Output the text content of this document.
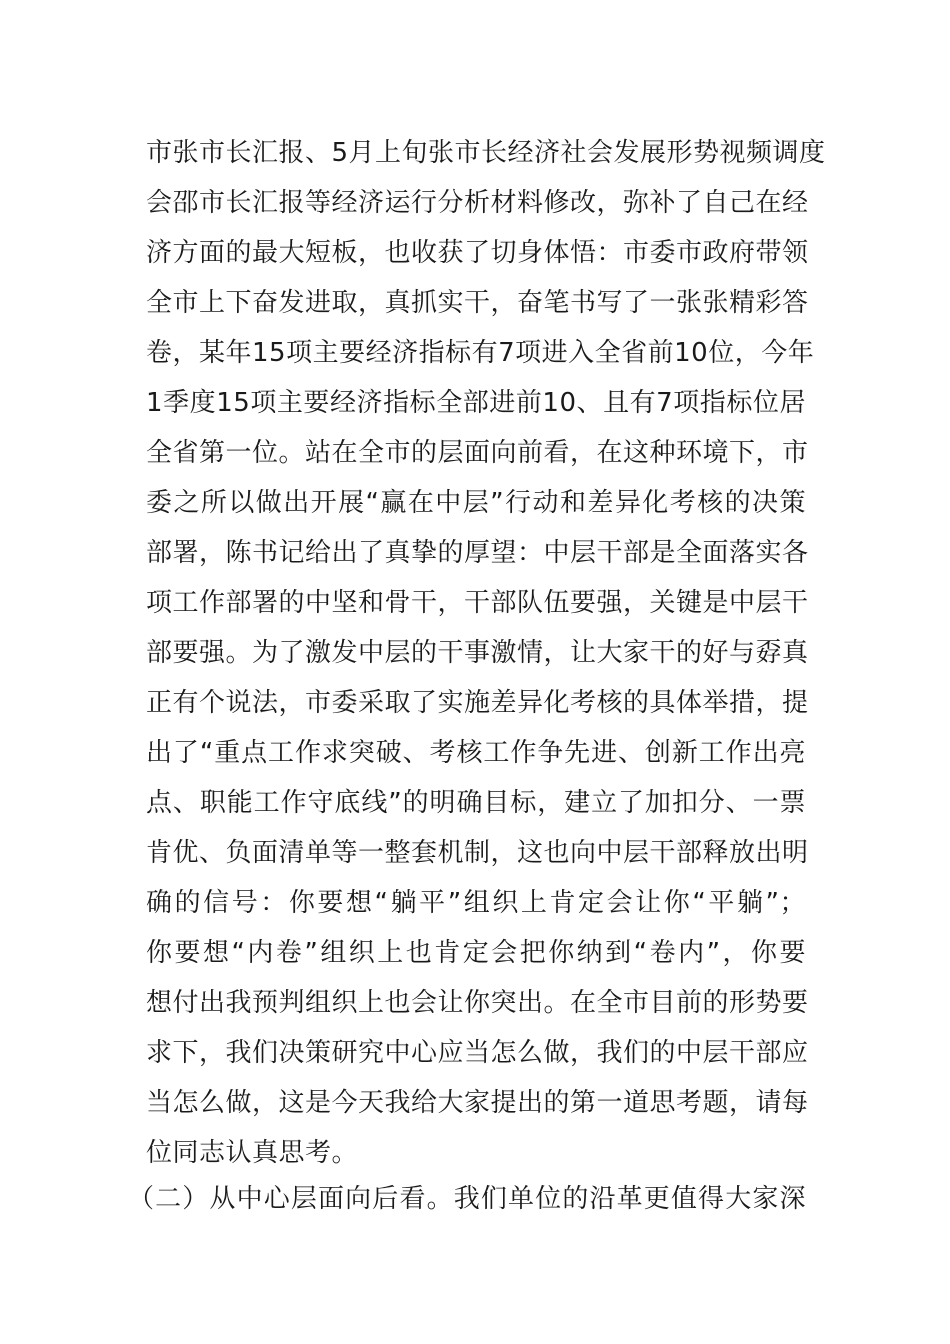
市张市长汇报、5月上旬张市长经济社会发展形势视频调度
会邵市长汇报等经济运行分析材料修改，弥补了自己在经
济方面的最大短板，也收获了切身体悟：市委市政府带领
全市上下奋发进取，真抓实干，奋笔书写了一张张精彩答
卷，某年15项主要经济指标有7项进入全省前10位，今年
1季度15项主要经济指标全部进前10、且有7项指标位居
全省第一位。站在全市的层面向前看，在这种环境下，市
委之所以做出开展“赢在中层”行动和差异化考核的决策
部署，陈书记给出了真挚的厚望：中层干部是全面落实各
项工作部署的中坚和骨干，干部队伍要强，关键是中层干
部要强。为了激发中层的干事激情，让大家干的好与孬真
正有个说法，市委采取了实施差异化考核的具体举措，提
出了“重点工作求突破、考核工作争先进、创新工作出亮
点、职能工作守底线”的明确目标，建立了加扣分、一票
肯优、负面清单等一整套机制，这也向中层干部释放出明
确的信号：你要想“躺平”组织上肯定会让你“平躺”；
你要想“内卷”组织上也肯定会把你纳到“卷内”，你要
想付出我预判组织上也会让你突出。在全市目前的形势要
求下，我们决策研究中心应当怎么做，我们的中层干部应
当怎么做，这是今天我给大家提出的第一道思考题，请每
位同志认真思考。
（二）从中心层面向后看。我们单位的沿革更值得大家深
